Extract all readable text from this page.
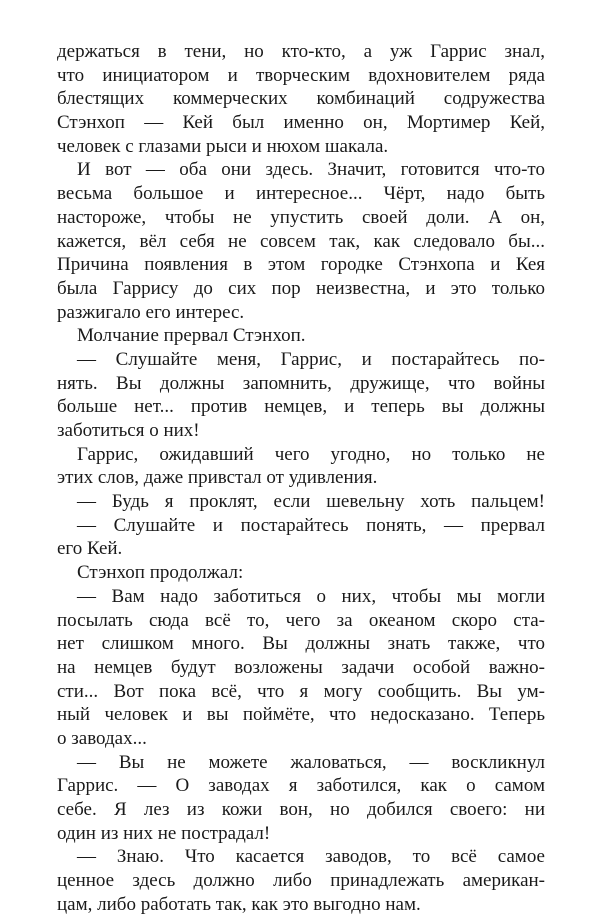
держаться в тени, но кто-кто, а уж Гаррис знал,
что инициатором и творческим вдохновителем ряда
блестящих коммерческих комбинаций содружества
Стэнхоп — Кей был именно он, Мортимер Кей,
человек с глазами рыси и нюхом шакала.
И вот — оба они здесь. Значит, готовится что-то
весьма большое и интересное... Чёрт, надо быть
настороже, чтобы не упустить своей доли. А он,
кажется, вёл себя не совсем так, как следовало бы...
Причина появления в этом городке Стэнхопа и Кея
была Гаррису до сих пор неизвестна, и это только
разжигало его интерес.
Молчание прервал Стэнхоп.
— Слушайте меня, Гаррис, и постарайтесь по-
нять. Вы должны запомнить, дружище, что войны
больше нет... против немцев, и теперь вы должны
заботиться о них!
Гаррис, ожидавший чего угодно, но только не
этих слов, даже привстал от удивления.
— Будь я проклят, если шевельну хоть пальцем!
— Слушайте и постарайтесь понять, — прервал
его Кей.
Стэнхоп продолжал:
— Вам надо заботиться о них, чтобы мы могли
посылать сюда всё то, чего за океаном скоро ста-
нет слишком много. Вы должны знать также, что
на немцев будут возложены задачи особой важно-
сти... Вот пока всё, что я могу сообщить. Вы ум-
ный человек и вы поймёте, что недосказано. Теперь
о заводах...
— Вы не можете жаловаться, — воскликнул
Гаррис. — О заводах я заботился, как о самом
себе. Я лез из кожи вон, но добился своего: ни
один из них не пострадал!
— Знаю. Что касается заводов, то всё самое
ценное здесь должно либо принадлежать американ-
цам, либо работать так, как это выгодно нам.
